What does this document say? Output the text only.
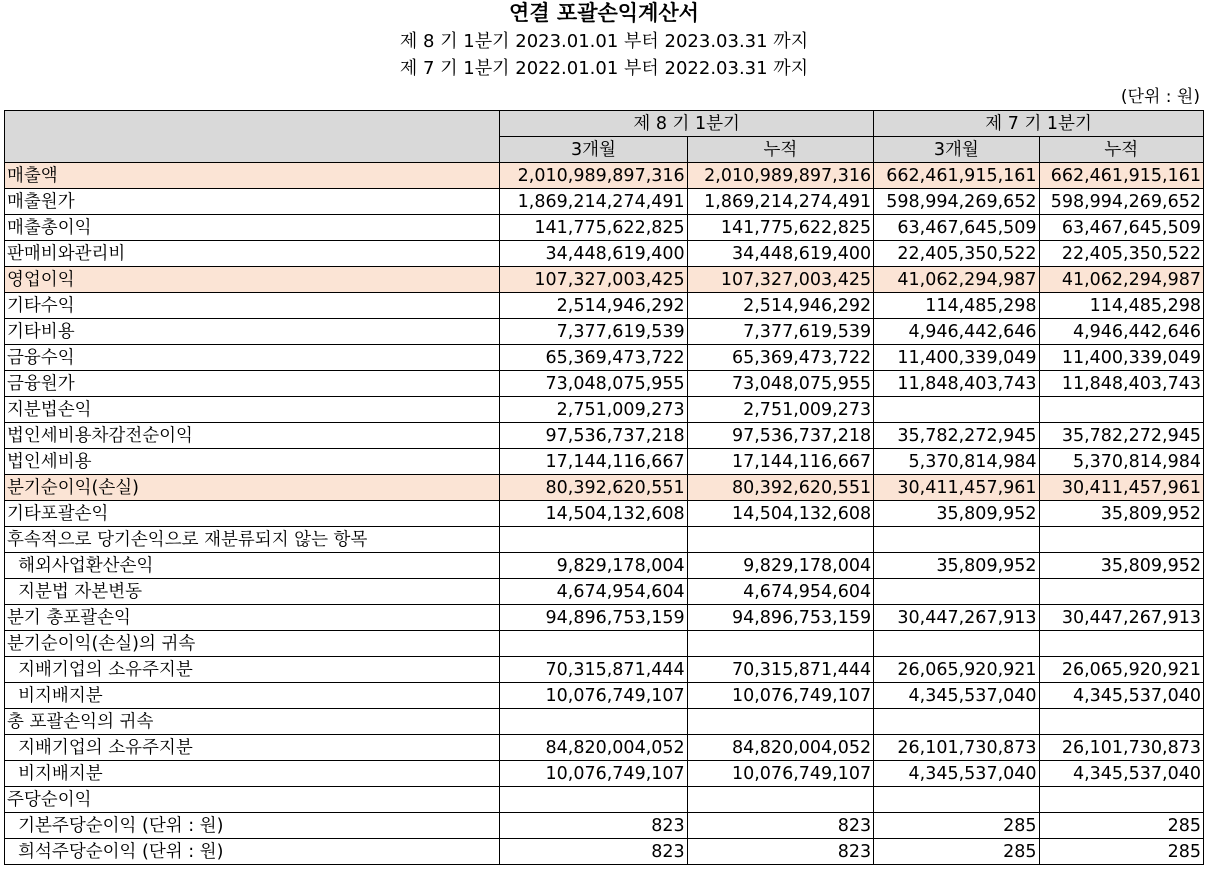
연결 포괄손익계산서
제 8 기 1분기 2023.01.01 부터 2023.03.31 까지
제 7 기 1분기 2022.01.01 부터 2022.03.31 까지
(단위 : 원)
	제 8 기 1분기		제 7 기 1분기	
	3개월	누적	3개월	누적
매출액	2,010,989,897,316	2,010,989,897,316	662,461,915,161	662,461,915,161
매출원가	1,869,214,274,491	1,869,214,274,491	598,994,269,652	598,994,269,652
매출총이익	141,775,622,825	141,775,622,825	63,467,645,509	63,467,645,509
판매비와관리비	34,448,619,400	34,448,619,400	22,405,350,522	22,405,350,522
영업이익	107,327,003,425	107,327,003,425	41,062,294,987	41,062,294,987
기타수익	2,514,946,292	2,514,946,292	114,485,298	114,485,298
기타비용	7,377,619,539	7,377,619,539	4,946,442,646	4,946,442,646
금융수익	65,369,473,722	65,369,473,722	11,400,339,049	11,400,339,049
금융원가	73,048,075,955	73,048,075,955	11,848,403,743	11,848,403,743
지분법손익	2,751,009,273	2,751,009,273		
법인세비용차감전순이익	97,536,737,218	97,536,737,218	35,782,272,945	35,782,272,945
법인세비용	17,144,116,667	17,144,116,667	5,370,814,984	5,370,814,984
분기순이익(손실)	80,392,620,551	80,392,620,551	30,411,457,961	30,411,457,961
기타포괄손익	14,504,132,608	14,504,132,608	35,809,952	35,809,952
후속적으로 당기손익으로 재분류되지 않는 항목				
해외사업환산손익	9,829,178,004	9,829,178,004	35,809,952	35,809,952
지분법 자본변동	4,674,954,604	4,674,954,604		
분기 총포괄손익	94,896,753,159	94,896,753,159	30,447,267,913	30,447,267,913
분기순이익(손실)의 귀속				
지배기업의 소유주지분	70,315,871,444	70,315,871,444	26,065,920,921	26,065,920,921
비지배지분	10,076,749,107	10,076,749,107	4,345,537,040	4,345,537,040
총 포괄손익의 귀속				
지배기업의 소유주지분	84,820,004,052	84,820,004,052	26,101,730,873	26,101,730,873
비지배지분	10,076,749,107	10,076,749,107	4,345,537,040	4,345,537,040
주당순이익				
기본주당순이익 (단위 : 원)	823	823	285	285
희석주당순이익 (단위 : 원)	823	823	285	285
